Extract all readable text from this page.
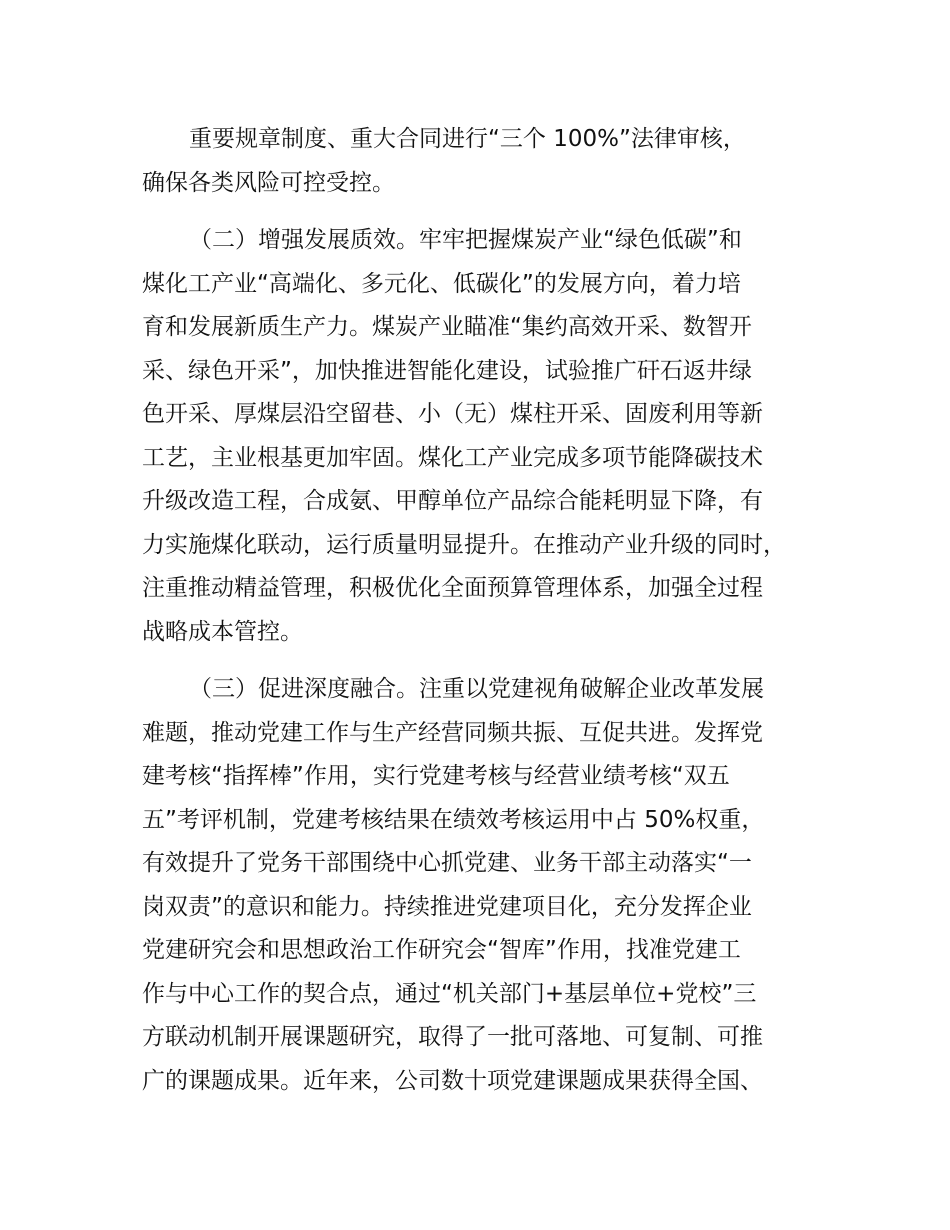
重要规章制度、重大合同进行“三个 100%”法律审核，
确保各类风险可控受控。
（二）增强发展质效。牢牢把握煤炭产业“绿色低碳”和
煤化工产业“高端化、多元化、低碳化”的发展方向，着力培
育和发展新质生产力。煤炭产业瞄准“集约高效开采、数智开
采、绿色开采”，加快推进智能化建设，试验推广矸石返井绿
色开采、厚煤层沿空留巷、小（无）煤柱开采、固废利用等新
工艺，主业根基更加牢固。煤化工产业完成多项节能降碳技术
升级改造工程，合成氨、甲醇单位产品综合能耗明显下降，有
力实施煤化联动，运行质量明显提升。在推动产业升级的同时，
注重推动精益管理，积极优化全面预算管理体系，加强全过程
战略成本管控。
（三）促进深度融合。注重以党建视角破解企业改革发展
难题，推动党建工作与生产经营同频共振、互促共进。发挥党
建考核“指挥棒”作用，实行党建考核与经营业绩考核“双五
五”考评机制，党建考核结果在绩效考核运用中占 50%权重，
有效提升了党务干部围绕中心抓党建、业务干部主动落实“一
岗双责”的意识和能力。持续推进党建项目化，充分发挥企业
党建研究会和思想政治工作研究会“智库”作用，找准党建工
作与中心工作的契合点，通过“机关部门+基层单位+党校”三
方联动机制开展课题研究，取得了一批可落地、可复制、可推
广的课题成果。近年来，公司数十项党建课题成果获得全国、
